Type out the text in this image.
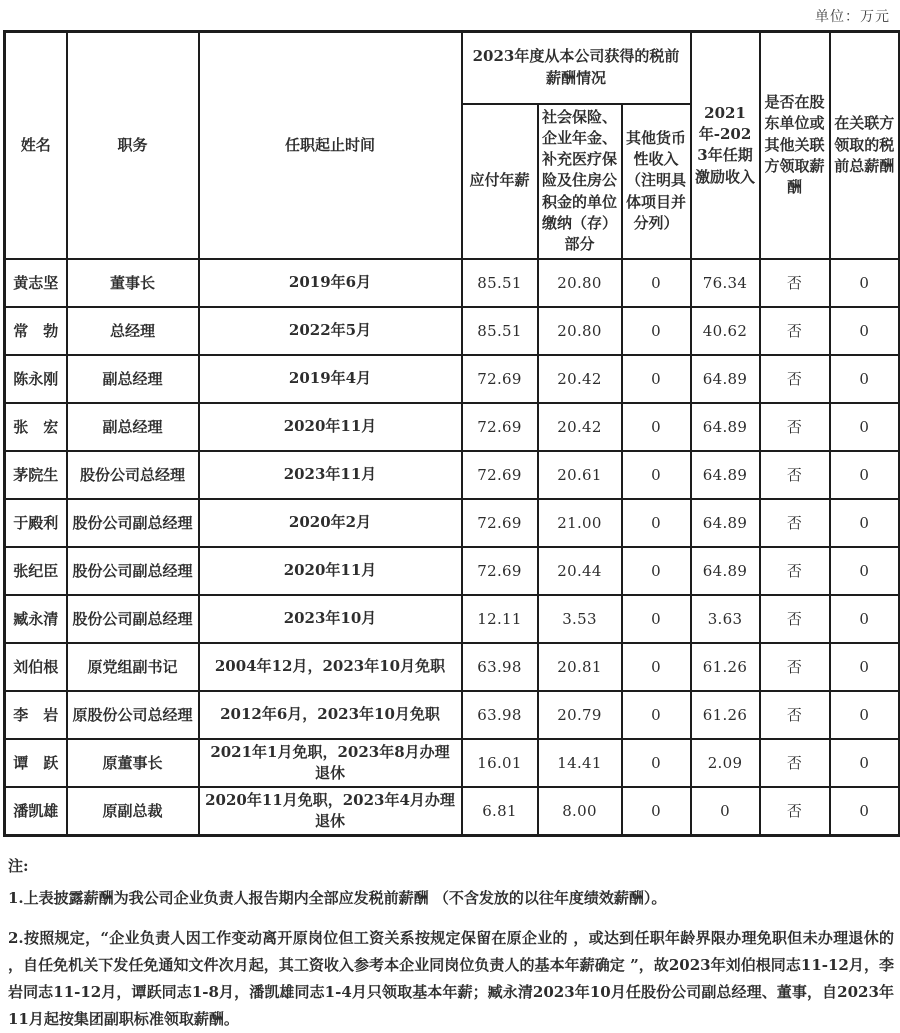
单位：万元
姓名	职务	任职起止时间	2023年度从本公司获得的税前薪酬情况			2021年-2023年任期激励收入	是否在股东单位或其他关联方领取薪酬	在关联方领取的税前总薪酬
			应付年薪	社会保险、企业年金、补充医疗保险及住房公积金的单位缴纳（存）部分	其他货币性收入（注明具体项目并分列）			
黄志坚	董事长	2019年6月	85.51	20.80	0	76.34	否	0
常　勃	总经理	2022年5月	85.51	20.80	0	40.62	否	0
陈永刚	副总经理	2019年4月	72.69	20.42	0	64.89	否	0
张　宏	副总经理	2020年11月	72.69	20.42	0	64.89	否	0
茅院生	股份公司总经理	2023年11月	72.69	20.61	0	64.89	否	0
于殿利	股份公司副总经理	2020年2月	72.69	21.00	0	64.89	否	0
张纪臣	股份公司副总经理	2020年11月	72.69	20.44	0	64.89	否	0
臧永清	股份公司副总经理	2023年10月	12.11	3.53	0	3.63	否	0
刘伯根	原党组副书记	2004年12月，2023年10月免职	63.98	20.81	0	61.26	否	0
李　岩	原股份公司总经理	2012年6月，2023年10月免职	63.98	20.79	0	61.26	否	0
谭　跃	原董事长	2021年1月免职，2023年8月办理退休	16.01	14.41	0	2.09	否	0
潘凯雄	原副总裁	2020年11月免职，2023年4月办理退休	6.81	8.00	0	0	否	0

注:

1.上表披露薪酬为我公司企业负责人报告期内全部应发税前薪酬 （不含发放的以往年度绩效薪酬）。

2.按照规定，“企业负责人因工作变动离开原岗位但工资关系按规定保留在原企业的 ，或达到任职年龄界限办理免职但未办理退休的 ，自任免机关下发任免通知文件次月起，其工资收入参考本企业同岗位负责人的基本年薪确定 ”，故2023年刘伯根同志11-12月，李岩同志11-12月，谭跃同志1-8月，潘凯雄同志1-4月只领取基本年薪；臧永清2023年10月任股份公司副总经理、董事，自2023年11月起按集团副职标准领取薪酬。
